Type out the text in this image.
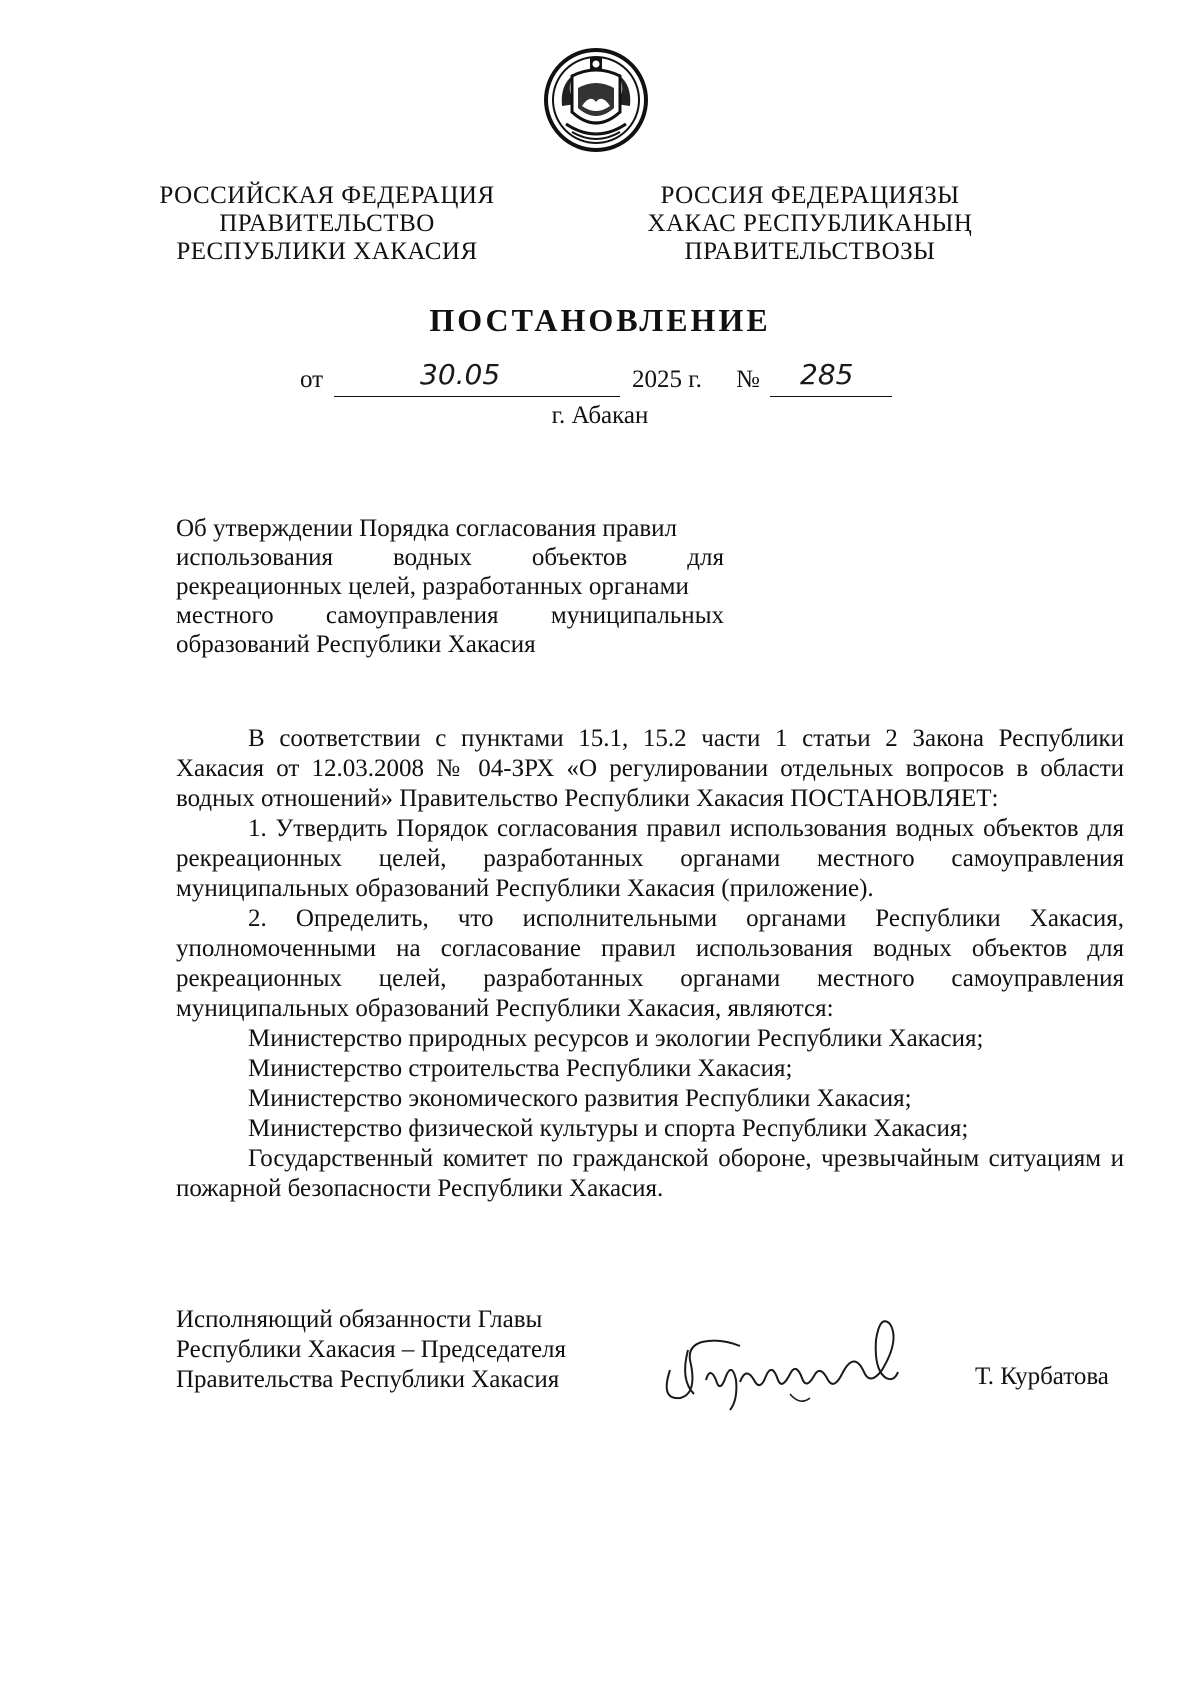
РОССИЙСКАЯ ФЕДЕРАЦИЯ
ПРАВИТЕЛЬСТВО
РЕСПУБЛИКИ ХАКАСИЯ
РОССИЯ ФЕДЕРАЦИЯЗЫ
ХАКАС РЕСПУБЛИКАНЫҢ
ПРАВИТЕЛЬСТВОЗЫ
ПОСТАНОВЛЕНИЕ
от	30.05	2025 г. № 285
г. Абакан
Об утверждении Порядка согласования правил
использования водных объектов для
рекреационных целей, разработанных органами
местного самоуправления муниципальных
образований Республики Хакасия

В соответствии с пунктами 15.1, 15.2 части 1 статьи 2 Закона Республики Хакасия от 12.03.2008 № 04-ЗРХ «О регулировании отдельных вопросов в области водных отношений» Правительство Республики Хакасия ПОСТАНОВЛЯЕТ:

1. Утвердить Порядок согласования правил использования водных объектов для рекреационных целей, разработанных органами местного самоуправления муниципальных образований Республики Хакасия (приложение).

2. Определить, что исполнительными органами Республики Хакасия, уполномоченными на согласование правил использования водных объектов для рекреационных целей, разработанных органами местного самоуправления муниципальных образований Республики Хакасия, являются:

Министерство природных ресурсов и экологии Республики Хакасия;
Министерство строительства Республики Хакасия;
Министерство экономического развития Республики Хакасия;
Министерство физической культуры и спорта Республики Хакасия;

Государственный комитет по гражданской обороне, чрезвычайным ситуациям и пожарной безопасности Республики Хакасия.

Исполняющий обязанности Главы
Республики Хакасия – Председателя
Правительства Республики Хакасия	Т. Курбатова
